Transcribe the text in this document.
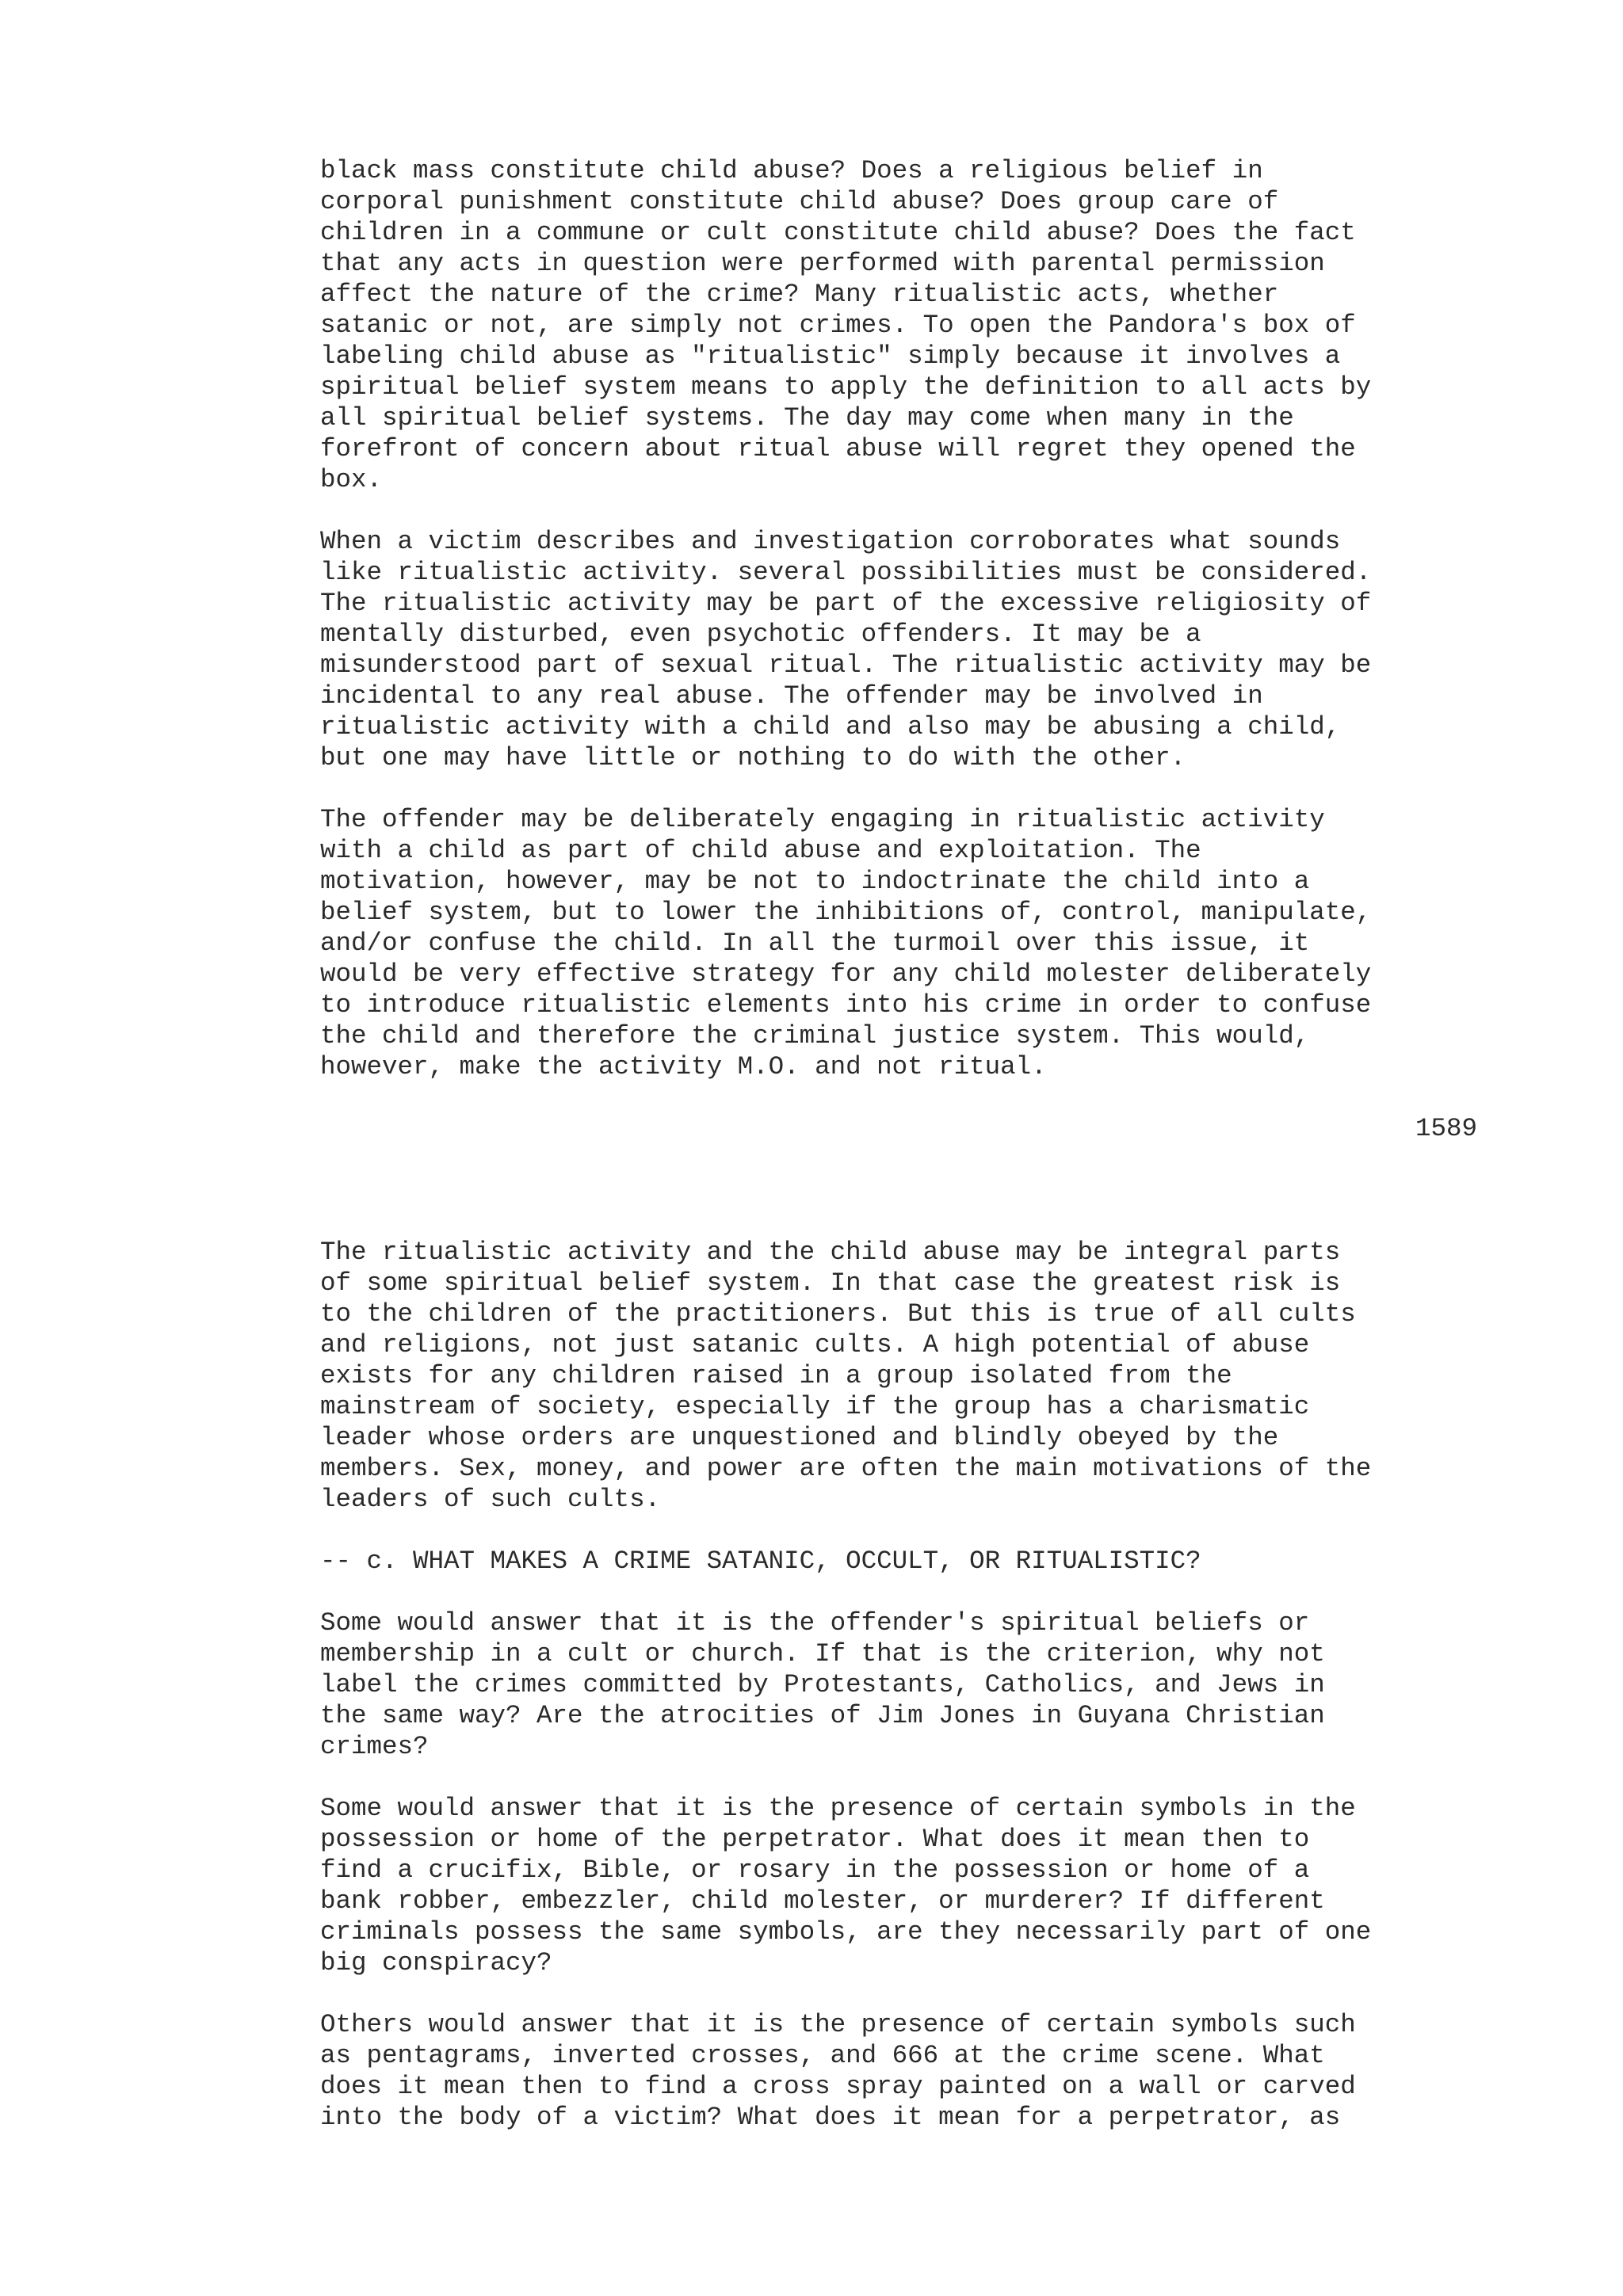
black mass constitute child abuse? Does a religious belief in
corporal punishment constitute child abuse? Does group care of
children in a commune or cult constitute child abuse? Does the fact
that any acts in question were performed with parental permission
affect the nature of the crime? Many ritualistic acts, whether
satanic or not, are simply not crimes. To open the Pandora's box of
labeling child abuse as "ritualistic" simply because it involves a
spiritual belief system means to apply the definition to all acts by
all spiritual belief systems. The day may come when many in the
forefront of concern about ritual abuse will regret they opened the
box.

When a victim describes and investigation corroborates what sounds
like ritualistic activity. several possibilities must be considered.
The ritualistic activity may be part of the excessive religiosity of
mentally disturbed, even psychotic offenders. It may be a
misunderstood part of sexual ritual. The ritualistic activity may be
incidental to any real abuse. The offender may be involved in
ritualistic activity with a child and also may be abusing a child,
but one may have little or nothing to do with the other.

The offender may be deliberately engaging in ritualistic activity
with a child as part of child abuse and exploitation. The
motivation, however, may be not to indoctrinate the child into a
belief system, but to lower the inhibitions of, control, manipulate,
and/or confuse the child. In all the turmoil over this issue, it
would be very effective strategy for any child molester deliberately
to introduce ritualistic elements into his crime in order to confuse
the child and therefore the criminal justice system. This would,
however, make the activity M.O. and not ritual.

1589

The ritualistic activity and the child abuse may be integral parts
of some spiritual belief system. In that case the greatest risk is
to the children of the practitioners. But this is true of all cults
and religions, not just satanic cults. A high potential of abuse
exists for any children raised in a group isolated from the
mainstream of society, especially if the group has a charismatic
leader whose orders are unquestioned and blindly obeyed by the
members. Sex, money, and power are often the main motivations of the
leaders of such cults.

-- c. WHAT MAKES A CRIME SATANIC, OCCULT, OR RITUALISTIC?

Some would answer that it is the offender's spiritual beliefs or
membership in a cult or church. If that is the criterion, why not
label the crimes committed by Protestants, Catholics, and Jews in
the same way? Are the atrocities of Jim Jones in Guyana Christian
crimes?

Some would answer that it is the presence of certain symbols in the
possession or home of the perpetrator. What does it mean then to
find a crucifix, Bible, or rosary in the possession or home of a
bank robber, embezzler, child molester, or murderer? If different
criminals possess the same symbols, are they necessarily part of one
big conspiracy?

Others would answer that it is the presence of certain symbols such
as pentagrams, inverted crosses, and 666 at the crime scene. What
does it mean then to find a cross spray painted on a wall or carved
into the body of a victim? What does it mean for a perpetrator, as
